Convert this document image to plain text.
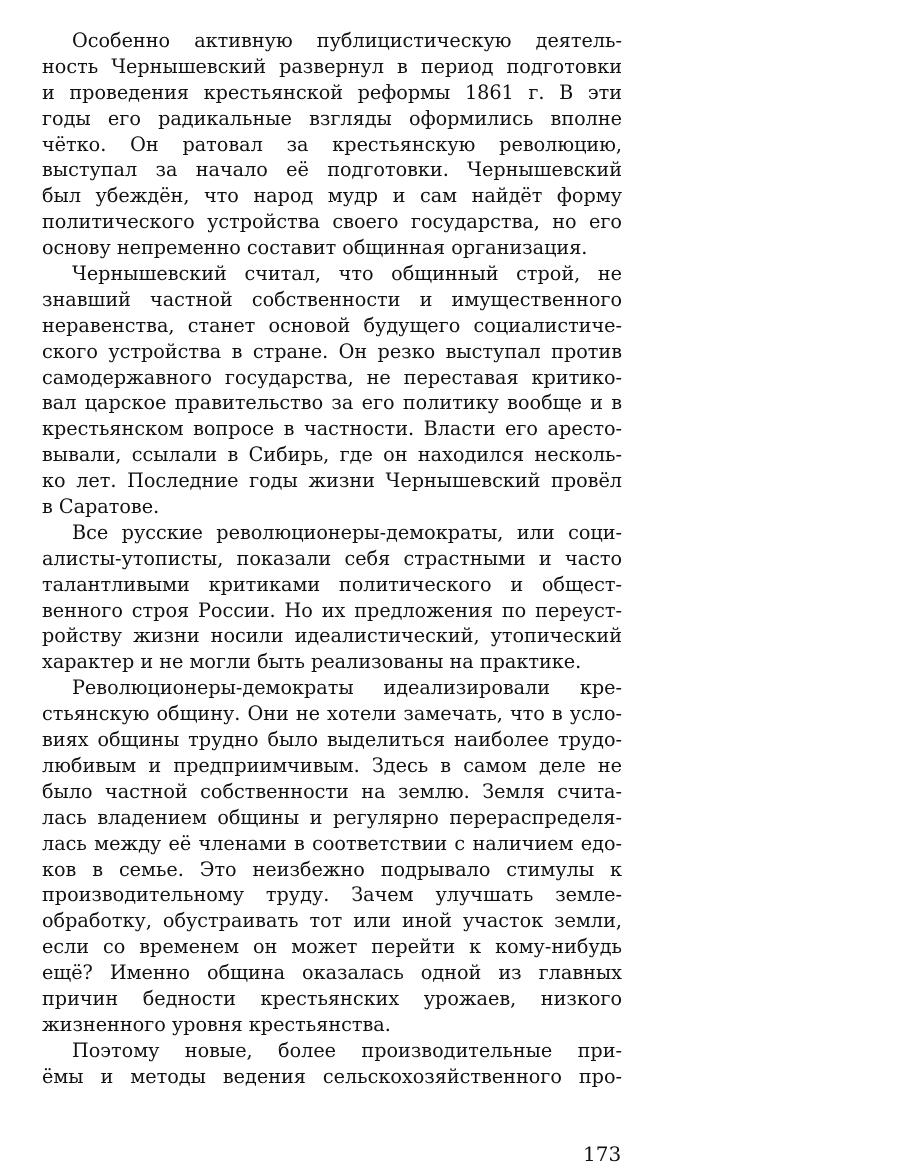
Особенно активную публицистическую деятель-
ность Чернышевский развернул в период подготовки
и проведения крестьянской реформы 1861 г. В эти
годы его радикальные взгляды оформились вполне
чётко. Он ратовал за крестьянскую революцию,
выступал за начало её подготовки. Чернышевский
был убеждён, что народ мудр и сам найдёт форму
политического устройства своего государства, но его
основу непременно составит общинная организация.
Чернышевский считал, что общинный строй, не
знавший частной собственности и имущественного
неравенства, станет основой будущего социалистиче-
ского устройства в стране. Он резко выступал против
самодержавного государства, не переставая критико-
вал царское правительство за его политику вообще и в
крестьянском вопросе в частности. Власти его аресто-
вывали, ссылали в Сибирь, где он находился несколь-
ко лет. Последние годы жизни Чернышевский провёл
в Саратове.
Все русские революционеры-демократы, или соци-
алисты-утописты, показали себя страстными и часто
талантливыми критиками политического и общест-
венного строя России. Но их предложения по переуст-
ройству жизни носили идеалистический, утопический
характер и не могли быть реализованы на практике.
Революционеры-демократы идеализировали кре-
стьянскую общину. Они не хотели замечать, что в усло-
виях общины трудно было выделиться наиболее трудо-
любивым и предприимчивым. Здесь в самом деле не
было частной собственности на землю. Земля счита-
лась владением общины и регулярно перераспределя-
лась между её членами в соответствии с наличием едо-
ков в семье. Это неизбежно подрывало стимулы к
производительному труду. Зачем улучшать земле-
обработку, обустраивать тот или иной участок земли,
если со временем он может перейти к кому-нибудь
ещё? Именно община оказалась одной из главных
причин бедности крестьянских урожаев, низкого
жизненного уровня крестьянства.
Поэтому новые, более производительные при-
ёмы и методы ведения сельскохозяйственного про-
173
